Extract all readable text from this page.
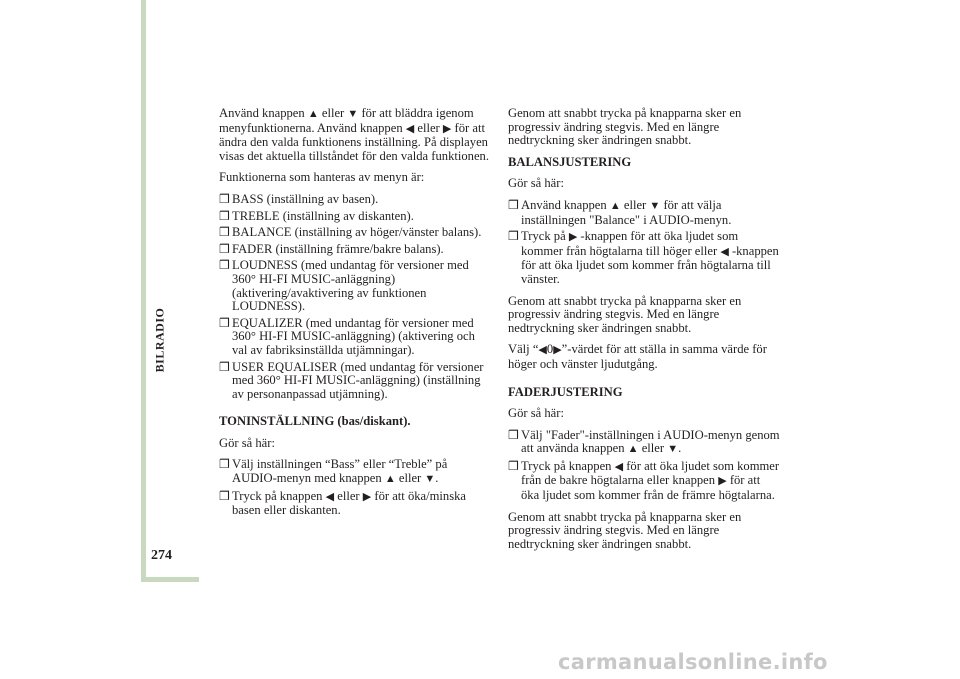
BILRADIO
274

Använd knappen ▲ eller ▼ för att bläddra igenom menyfunktionerna. Använd knappen ◀ eller ▶ för att ändra den valda funktionens inställning. På displayen visas det aktuella tillståndet för den valda funktionen.

Funktionerna som hanteras av menyn är:

❒ BASS (inställning av basen).
❒ TREBLE (inställning av diskanten).
❒ BALANCE (inställning av höger/vänster balans).
❒ FADER (inställning främre/bakre balans).
❒ LOUDNESS (med undantag för versioner med 360° HI-FI MUSIC-anläggning) (aktivering/avaktivering av funktionen LOUDNESS).
❒ EQUALIZER (med undantag för versioner med 360° HI-FI MUSIC-anläggning) (aktivering och val av fabriksinställda utjämningar).
❒ USER EQUALISER (med undantag för versioner med 360° HI-FI MUSIC-anläggning) (inställning av personanpassad utjämning).

TONINSTÄLLNING (bas/diskant).

Gör så här:

❒ Välj inställningen “Bass” eller “Treble” på AUDIO-menyn med knappen ▲ eller ▼.
❒ Tryck på knappen ◀ eller ▶ för att öka/minska basen eller diskanten.

Genom att snabbt trycka på knapparna sker en progressiv ändring stegvis. Med en längre nedtryckning sker ändringen snabbt.

BALANSJUSTERING

Gör så här:

❒ Använd knappen ▲ eller ▼ för att välja inställningen "Balance" i AUDIO-menyn.
❒ Tryck på ▶ -knappen för att öka ljudet som kommer från högtalarna till höger eller ◀ -knappen för att öka ljudet som kommer från högtalarna till vänster.

Genom att snabbt trycka på knapparna sker en progressiv ändring stegvis. Med en längre nedtryckning sker ändringen snabbt.

Välj “◀0▶”-värdet för att ställa in samma värde för höger och vänster ljudutgång.

FADERJUSTERING

Gör så här:

❒ Välj "Fader"-inställningen i AUDIO-menyn genom att använda knappen ▲ eller ▼.
❒ Tryck på knappen ◀ för att öka ljudet som kommer från de bakre högtalarna eller knappen ▶ för att öka ljudet som kommer från de främre högtalarna.

Genom att snabbt trycka på knapparna sker en progressiv ändring stegvis. Med en längre nedtryckning sker ändringen snabbt.

carmanualsonline.info
